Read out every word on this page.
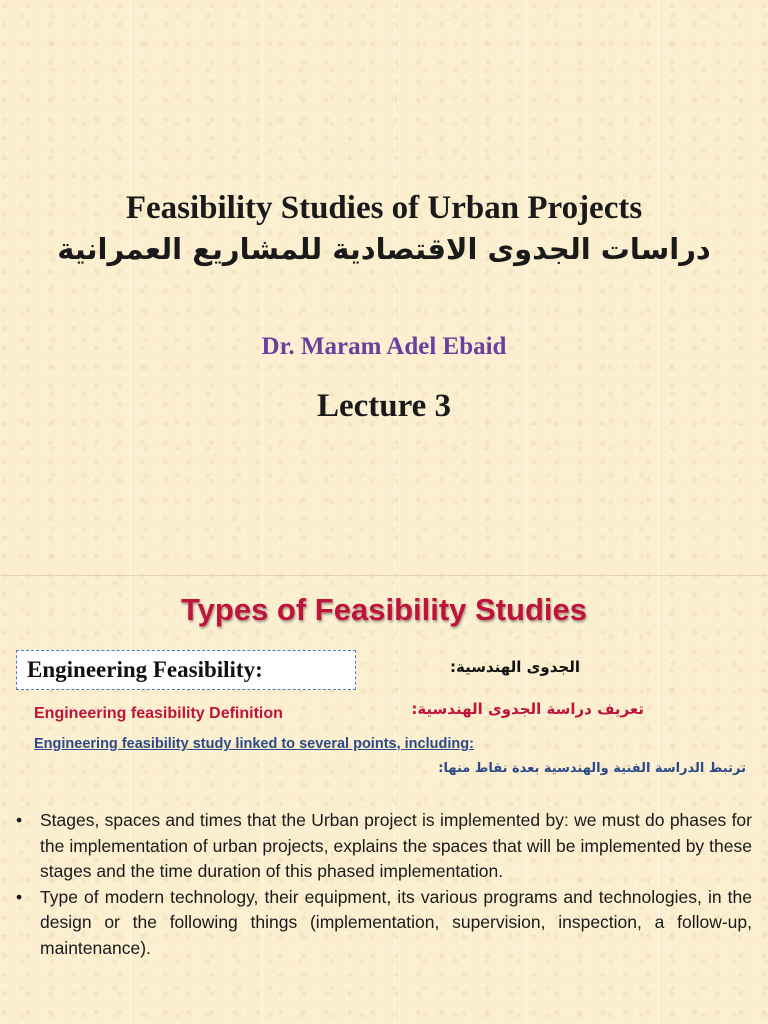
Feasibility Studies of Urban Projects
دراسات الجدوى الاقتصادية للمشاريع العمرانية
Dr. Maram Adel Ebaid
Lecture 3
Types of Feasibility Studies
Engineering Feasibility:	الجدوى الهندسية:
Engineering feasibility Definition	تعريف دراسة الجدوى الهندسية:
Engineering feasibility study linked to several points, including:
ترتبط الدراسة الفنية والهندسية بعدة نقاط منها:
• Stages, spaces and times that the Urban project is implemented by: we must do phases for the implementation of urban projects, explains the spaces that will be implemented by these stages and the time duration of this phased implementation.
• Type of modern technology, their equipment, its various programs and technologies, in the design or the following things (implementation, supervision, inspection, a follow-up, maintenance).
